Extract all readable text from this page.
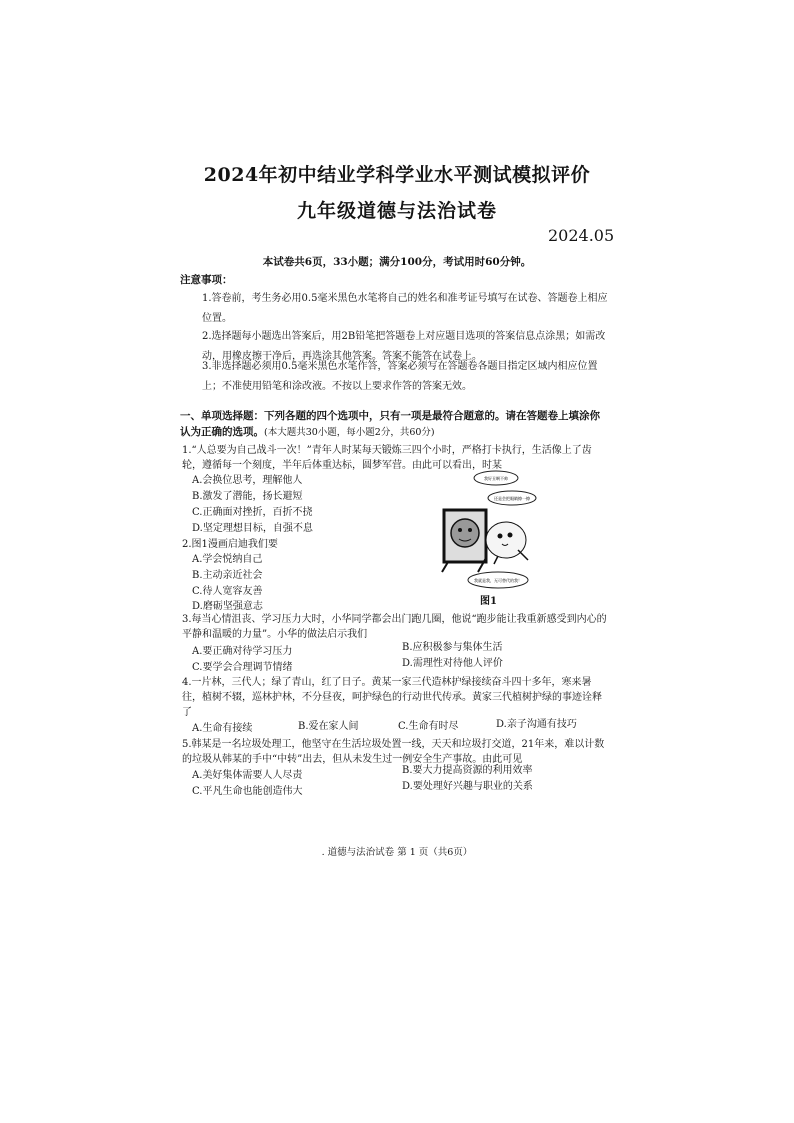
2024年初中结业学科学业水平测试模拟评价
九年级道德与法治试卷
2024.05
本试卷共6页，33小题；满分100分，考试用时60分钟。
注意事项：
1.答卷前，考生务必用0.5毫米黑色水笔将自己的姓名和准考证号填写在试卷、答题卷上相应位置。
2.选择题每小题选出答案后，用2B铅笔把答题卷上对应题目选项的答案信息点涂黑；如需改动，用橡皮擦干净后，再选涂其他答案。答案不能答在试卷上。
3.非选择题必须用0.5毫米黑色水笔作答，答案必须写在答题卷各题目指定区域内相应位置上；不准使用铅笔和涂改液。不按以上要求作答的答案无效。
一、单项选择题：下列各题的四个选项中，只有一项是最符合题意的。请在答题卷上填涂你认为正确的选项。(本大题共30小题，每小题2分，共60分)
1.“人总要为自己战斗一次！”青年人时某每天锻炼三四个小时，严格打卡执行，生活像上了齿轮，遵循每一个刻度，半年后体重达标，圆梦军营。由此可以看出，时某
A.会换位思考，理解他人
B.激发了潜能，扬长避短
C.正确面对挫折，百折不挠
D.坚定理想目标，自强不息
2.图1漫画启迪我们要
A.学会悦纳自己
B.主动亲近社会
C.待人宽容友善
D.磨砺坚强意志
我好丑啊不帅
还是会把眼睛擦一擦
我就是我，无可替代的我！
图1
3.每当心情沮丧、学习压力大时，小华同学都会出门跑几圈，他说“跑步能让我重新感受到内心的平静和温暖的力量”。小华的做法启示我们
A.要正确对待学习压力	B.应积极参与集体生活
C.要学会合理调节情绪	D.需理性对待他人评价
4.一片林，三代人；绿了青山，红了日子。黄某一家三代造林护绿接续奋斗四十多年，寒来暑往，植树不辍，巡林护林，不分昼夜，呵护绿色的行动世代传承。黄家三代植树护绿的事迹诠释了
A.生命有接续	B.爱在家人间	C.生命有时尽	D.亲子沟通有技巧
5.韩某是一名垃圾处理工，他坚守在生活垃圾处置一线，天天和垃圾打交道，21年来，难以计数的垃圾从韩某的手中“中转”出去，但从未发生过一例安全生产事故。由此可见
A.美好集体需要人人尽责	B.要大力提高资源的利用效率
C.平凡生命也能创造伟大	D.要处理好兴趣与职业的关系
. 道德与法治试卷 第 1 页（共6页）
